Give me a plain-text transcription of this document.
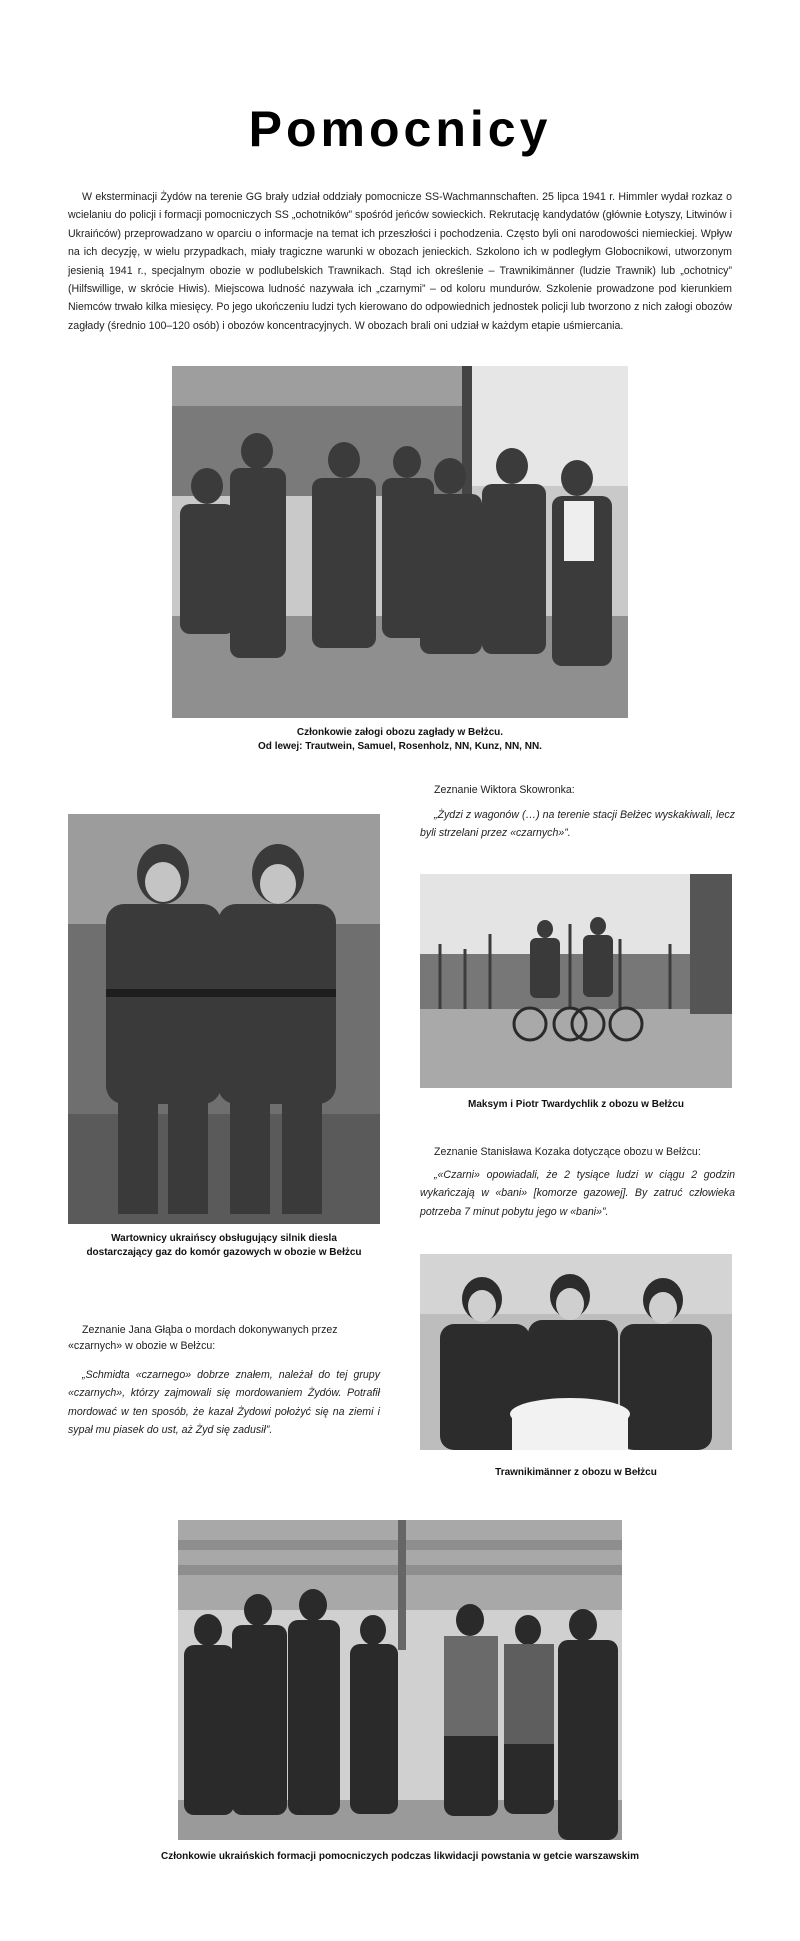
Pomocnicy

W eksterminacji Żydów na terenie GG brały udział oddziały pomocnicze SS-Wachmannschaften. 25 lipca 1941 r. Himmler wydał rozkaz o wcielaniu do policji i formacji pomocniczych SS „ochotników” spośród jeńców sowieckich. Rekrutację kandydatów (głównie Łotyszy, Litwinów i Ukraińców) przeprowadzano w oparciu o informacje na temat ich przeszłości i pochodzenia. Często byli oni narodowości niemieckiej. Wpływ na ich decyzję, w wielu przypadkach, miały tragiczne warunki w obozach jenieckich. Szkolono ich w podległym Globocnikowi, utworzonym jesienią 1941 r., specjalnym obozie w podlubelskich Trawnikach. Stąd ich określenie – Trawnikimänner (ludzie Trawnik) lub „ochotnicy” (Hilfswillige, w skrócie Hiwis). Miejscowa ludność nazywała ich „czarnymi” – od koloru mundurów. Szkolenie prowadzone pod kierunkiem Niemców trwało kilka miesięcy. Po jego ukończeniu ludzi tych kierowano do odpowiednich jednostek policji lub tworzono z nich załogi obozów zagłady (średnio 100–120 osób) i obozów koncentracyjnych. W obozach brali oni udział w każdym etapie uśmiercania.

Członkowie załogi obozu zagłady w Bełżcu.
Od lewej: Trautwein, Samuel, Rosenholz, NN, Kunz, NN, NN.
Zeznanie Wiktora Skowronka:

„Żydzi z wagonów (…) na terenie stacji Bełżec wyskakiwali, lecz byli strzelani przez «czarnych»”.

Wartownicy ukraińscy obsługujący silnik diesla
dostarczający gaz do komór gazowych w obozie w Bełżcu
Maksym i Piotr Twardychlik z obozu w Bełżcu
Zeznanie Stanisława Kozaka dotyczące obozu w Bełżcu:

„«Czarni» opowiadali, że 2 tysiące ludzi w ciągu 2 godzin wykańczają w «bani» [komorze gazowej]. By zatruć człowieka potrzeba 7 minut pobytu jego w «bani»”.

Trawnikimänner z obozu w Bełżcu
Zeznanie Jana Głąba o mordach dokonywanych przez «czarnych» w obozie w Bełżcu:

„Schmidta «czarnego» dobrze znałem, należał do tej grupy «czarnych», którzy zajmowali się mordowaniem Żydów. Potrafił mordować w ten sposób, że kazał Żydowi położyć się na ziemi i sypał mu piasek do ust, aż Żyd się zadusił”.

Członkowie ukraińskich formacji pomocniczych podczas likwidacji powstania w getcie warszawskim
